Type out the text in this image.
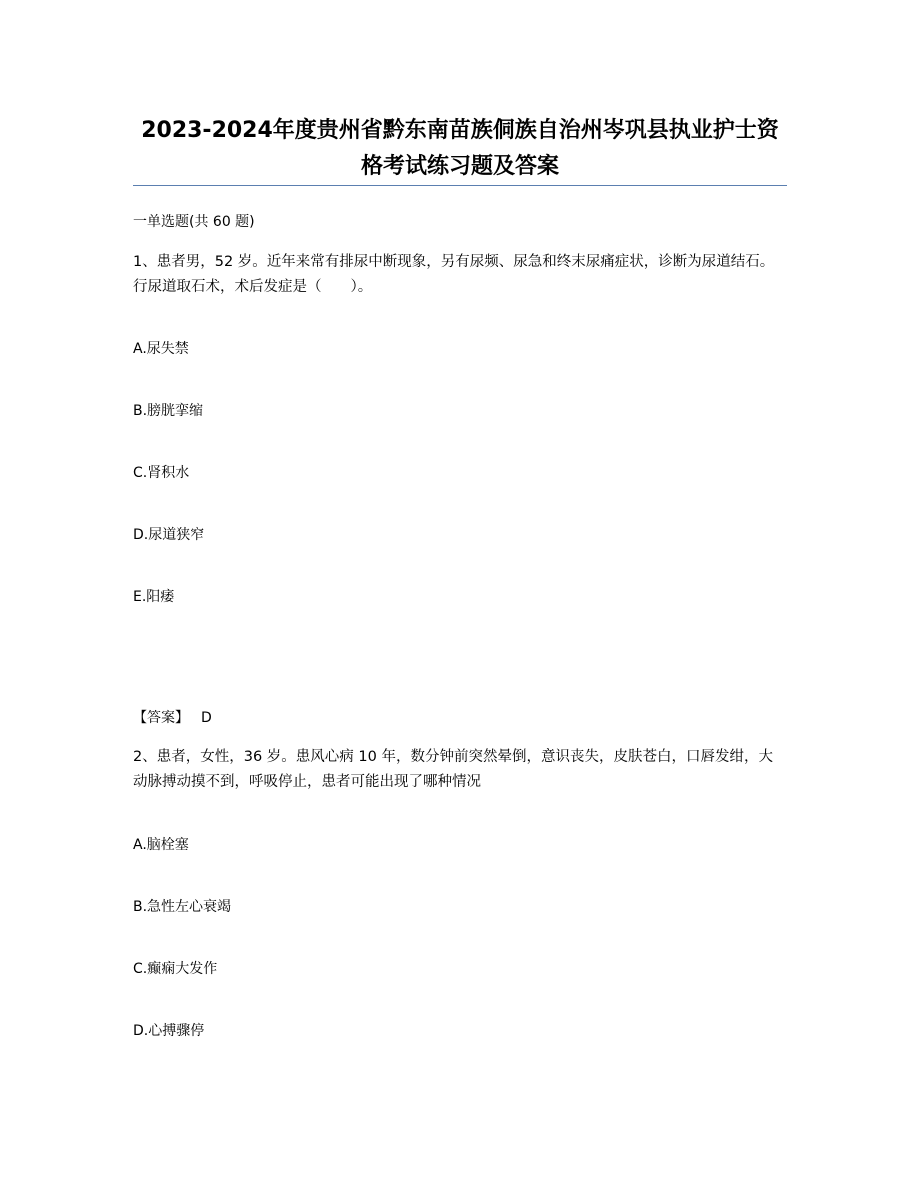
2023-2024年度贵州省黔东南苗族侗族自治州岑巩县执业护士资格考试练习题及答案
一单选题(共 60 题)
1、患者男，52 岁。近年来常有排尿中断现象，另有尿频、尿急和终末尿痛症状，诊断为尿道结石。行尿道取石术，术后发症是（　　）。
A.尿失禁
B.膀胱挛缩
C.肾积水
D.尿道狭窄
E.阳痿
【答案】 D
2、患者，女性，36 岁。患风心病 10 年，数分钟前突然晕倒，意识丧失，皮肤苍白，口唇发绀，大动脉搏动摸不到，呼吸停止，患者可能出现了哪种情况
A.脑栓塞
B.急性左心衰竭
C.癫痫大发作
D.心搏骤停
